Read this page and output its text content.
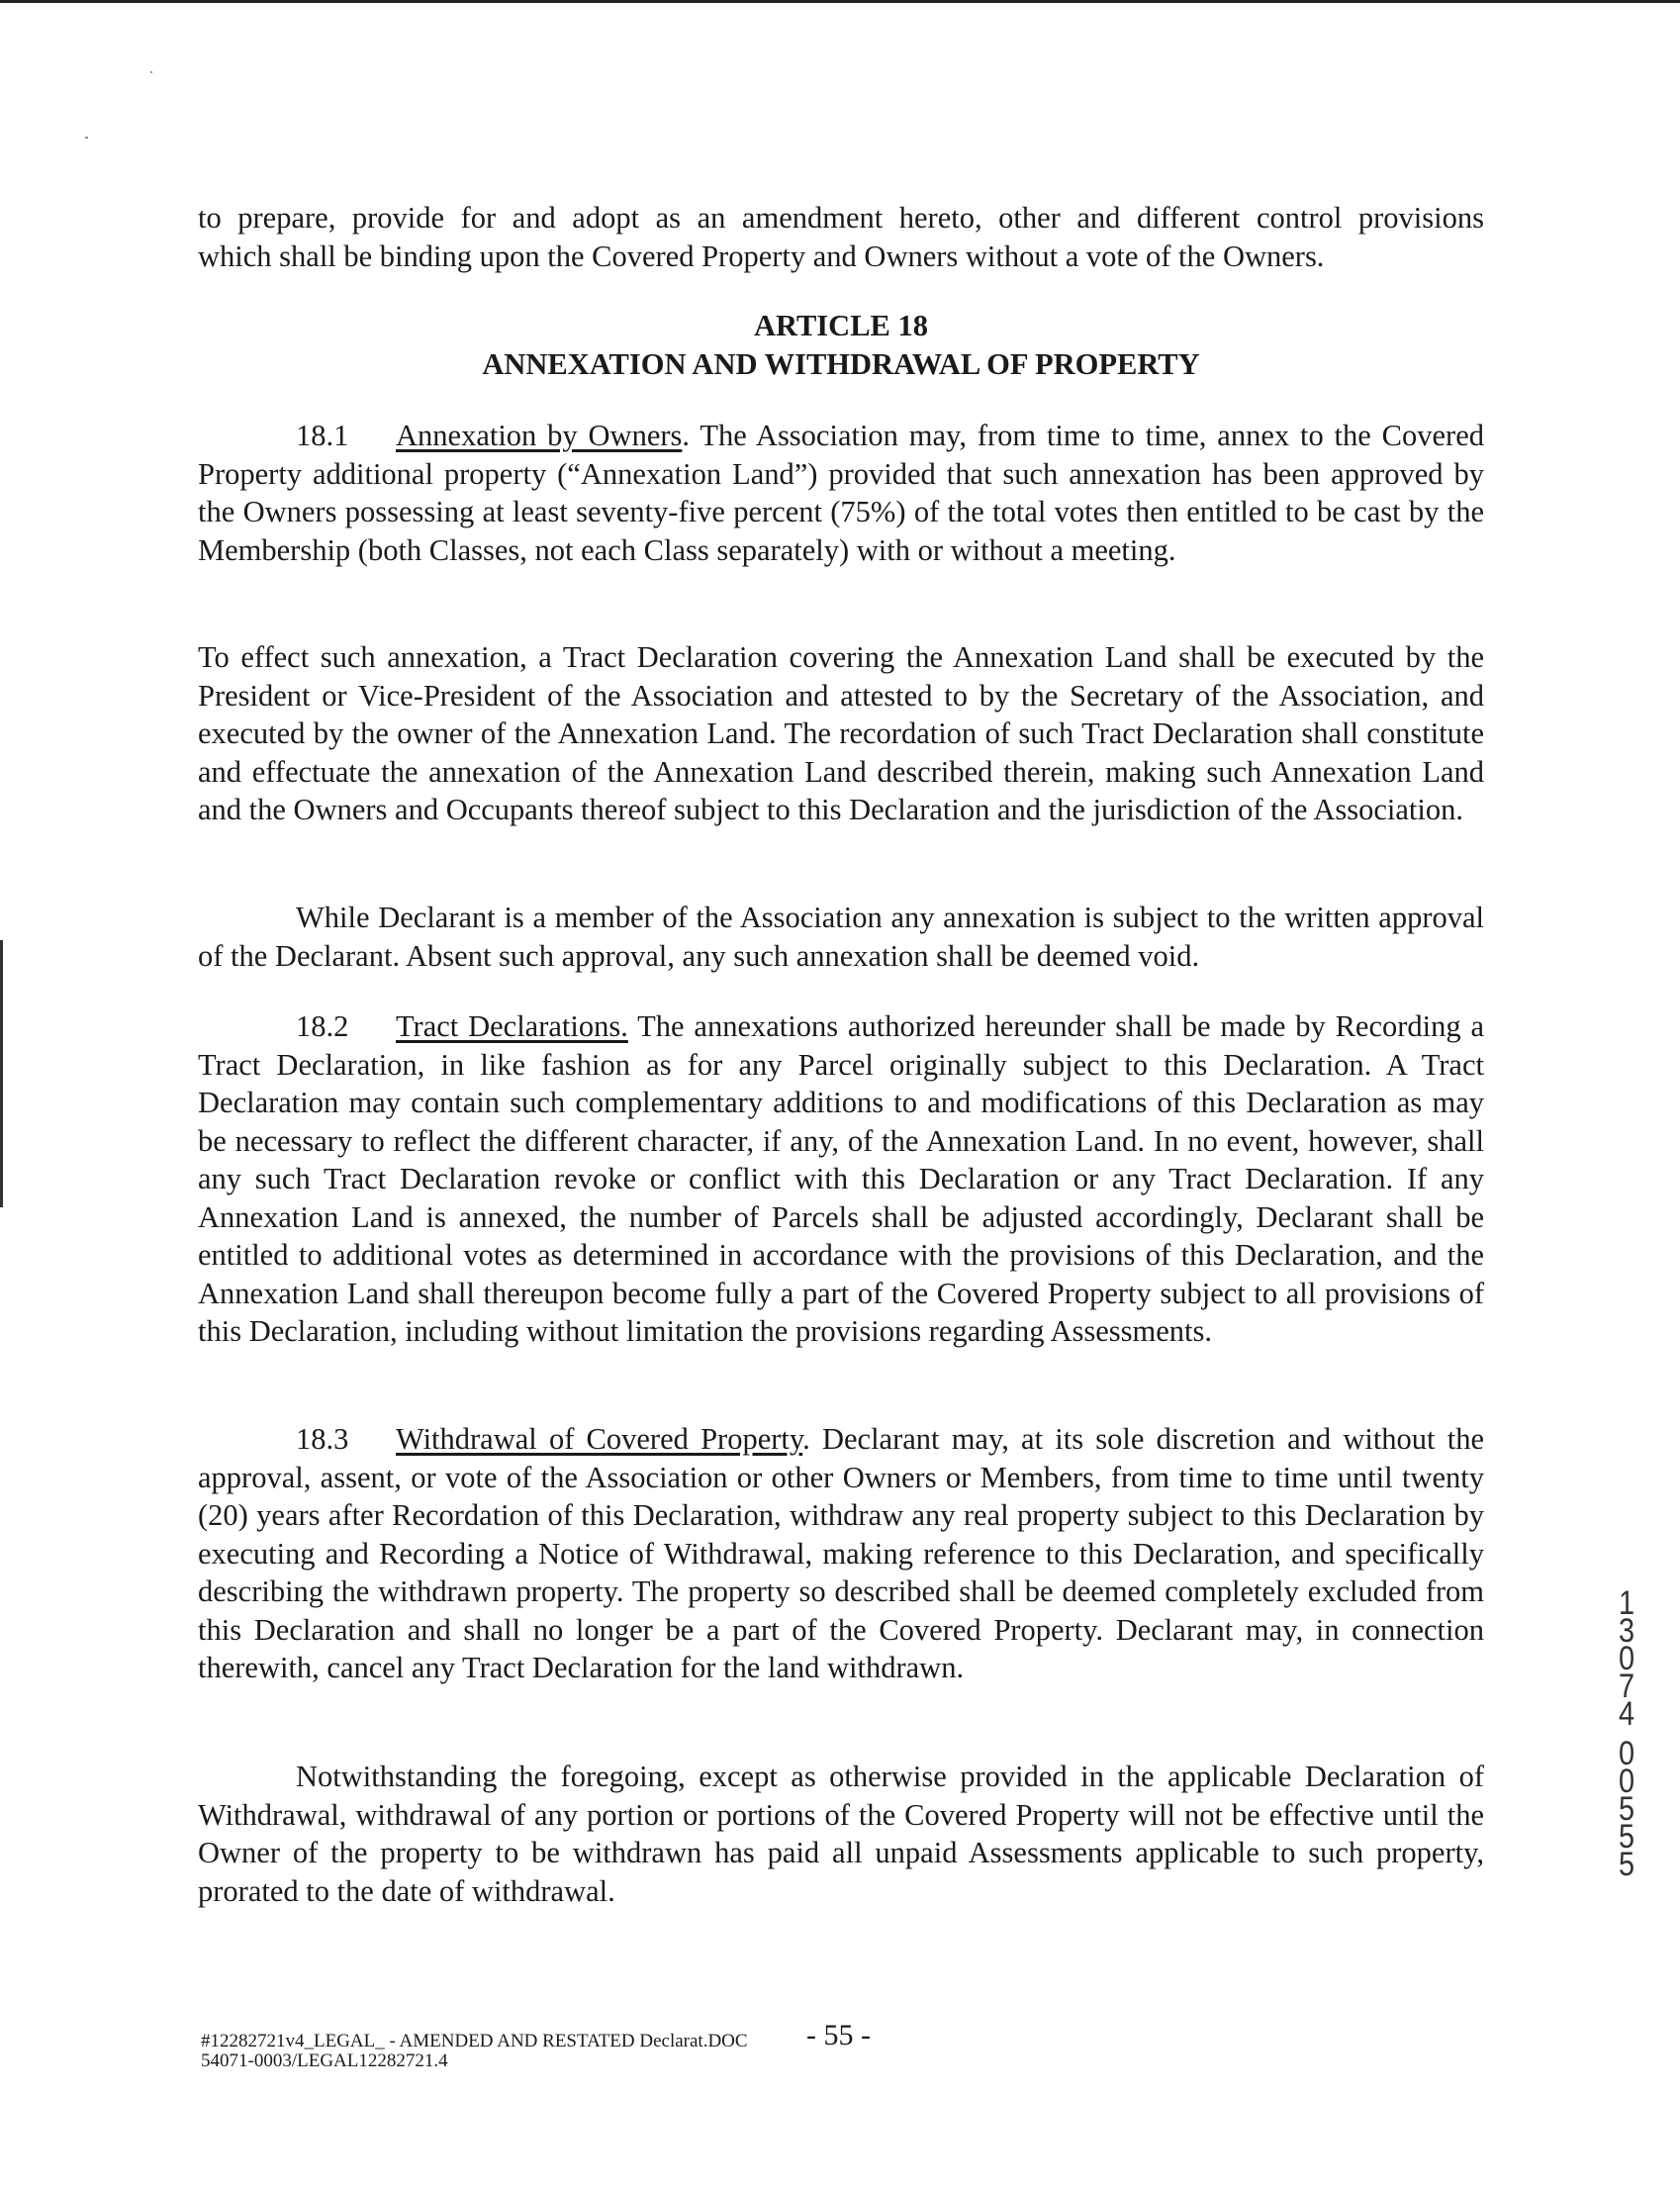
to prepare, provide for and adopt as an amendment hereto, other and different control provisions

which shall be binding upon the Covered Property and Owners without a vote of the Owners.

ARTICLE 18
ANNEXATION AND WITHDRAWAL OF PROPERTY

18.1 Annexation by Owners. The Association may, from time to time, annex to the Covered Property additional property (“Annexation Land”) provided that such annexation has been approved by the Owners possessing at least seventy-five percent (75%) of the total votes then entitled to be cast by the Membership (both Classes, not each Class separately) with or without a meeting.

To effect such annexation, a Tract Declaration covering the Annexation Land shall be executed by the President or Vice-President of the Association and attested to by the Secretary of the Association, and executed by the owner of the Annexation Land. The recordation of such Tract Declaration shall constitute and effectuate the annexation of the Annexation Land described therein, making such Annexation Land and the Owners and Occupants thereof subject to this Declaration and the jurisdiction of the Association.

While Declarant is a member of the Association any annexation is subject to the written approval of the Declarant. Absent such approval, any such annexation shall be deemed void.

18.2 Tract Declarations. The annexations authorized hereunder shall be made by Recording a Tract Declaration, in like fashion as for any Parcel originally subject to this Declaration. A Tract Declaration may contain such complementary additions to and modifications of this Declaration as may be necessary to reflect the different character, if any, of the Annexation Land. In no event, however, shall any such Tract Declaration revoke or conflict with this Declaration or any Tract Declaration. If any Annexation Land is annexed, the number of Parcels shall be adjusted accordingly, Declarant shall be entitled to additional votes as determined in accordance with the provisions of this Declaration, and the Annexation Land shall thereupon become fully a part of the Covered Property subject to all provisions of this Declaration, including without limitation the provisions regarding Assessments.

18.3 Withdrawal of Covered Property. Declarant may, at its sole discretion and without the approval, assent, or vote of the Association or other Owners or Members, from time to time until twenty (20) years after Recordation of this Declaration, withdraw any real property subject to this Declaration by executing and Recording a Notice of Withdrawal, making reference to this Declaration, and specifically describing the withdrawn property. The property so described shall be deemed completely excluded from this Declaration and shall no longer be a part of the Covered Property. Declarant may, in connection therewith, cancel any Tract Declaration for the land withdrawn.

Notwithstanding the foregoing, except as otherwise provided in the applicable Declaration of Withdrawal, withdrawal of any portion or portions of the Covered Property will not be effective until the Owner of the property to be withdrawn has paid all unpaid Assessments applicable to such property, prorated to the date of withdrawal.

#12282721v4_LEGAL_ - AMENDED AND RESTATED Declarat.DOC
54071-0003/LEGAL12282721.4
- 55 -
1
3
0
7
4
0
0
5
5
5
